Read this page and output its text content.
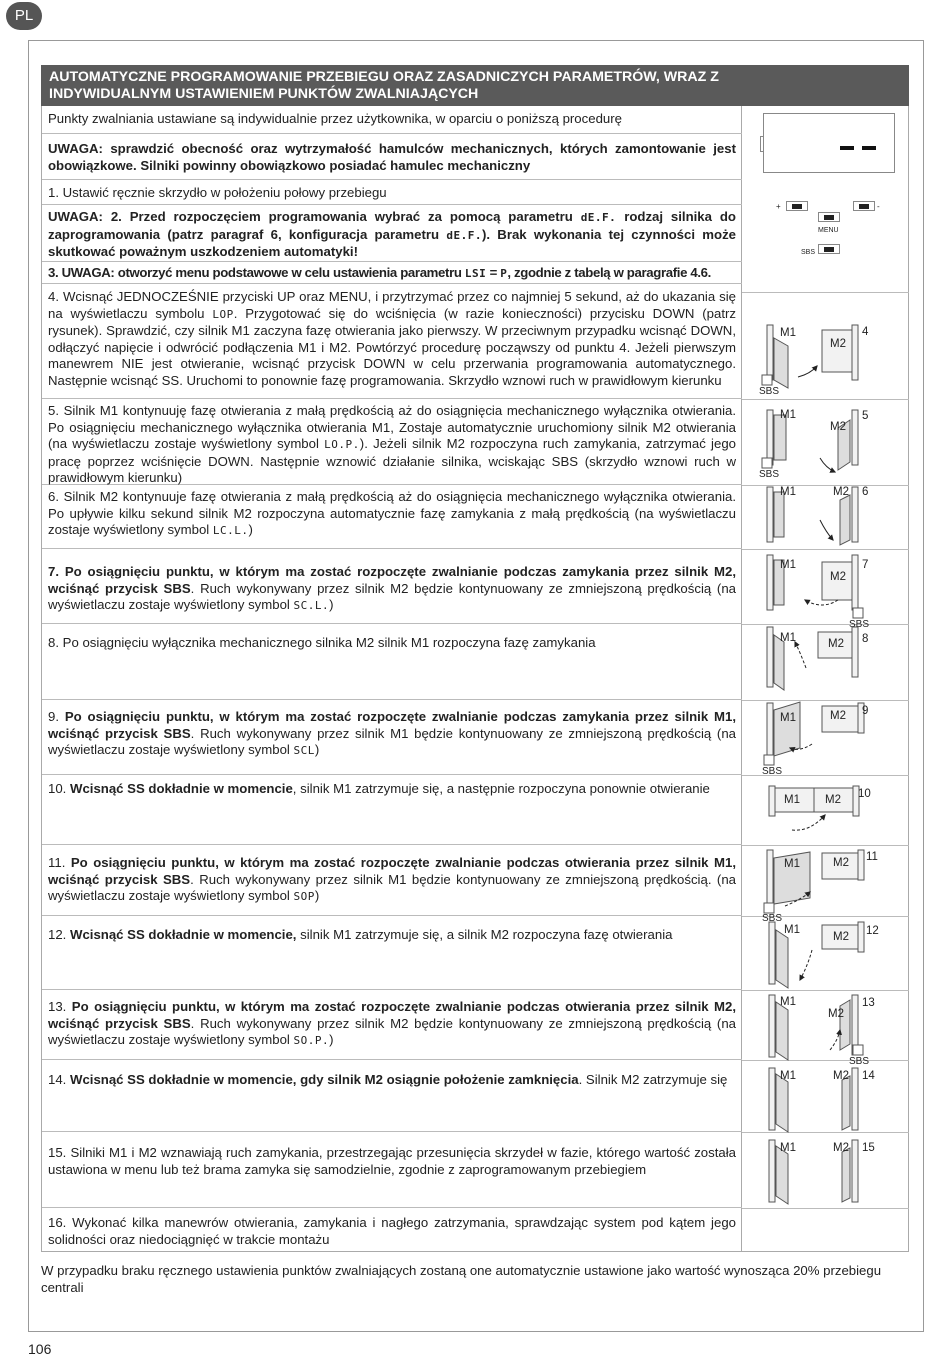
PL
AUTOMATYCZNE PROGRAMOWANIE PRZEBIEGU ORAZ ZASADNICZYCH PARAMETRÓW, WRAZ Z
INDYWIDUALNYM USTAWIENIEM PUNKTÓW ZWALNIAJĄCYCH
Punkty zwalniania ustawiane są indywidualnie przez użytkownika, w oparciu o poniższą procedurę
UWAGA: sprawdzić obecność oraz wytrzymałość hamulców mechanicznych, których zamontowanie jest obowiązkowe. Silniki powinny obowiązkowo posiadać hamulec mechaniczny
1. Ustawić ręcznie skrzydło w położeniu połowy przebiegu
UWAGA: 2. Przed rozpoczęciem programowania wybrać za pomocą parametru dE.F. rodzaj silnika do zaprogramowania (patrz paragraf 6, konfiguracja parametru dE.F.). Brak wykonania tej czynności może skutkować poważnym uszkodzeniem automatyki!
3. UWAGA: otworzyć menu podstawowe w celu ustawienia parametru LSI = P, zgodnie z tabelą w paragrafie 4.6.
4. Wcisnąć JEDNOCZEŚNIE przyciski UP oraz MENU, i przytrzymać przez co najmniej 5 sekund, aż do ukazania się na wyświetlaczu symbolu LOP. Przygotować się do wciśnięcia (w razie konieczności) przycisku DOWN (patrz rysunek). Sprawdzić, czy silnik M1 zaczyna fazę otwierania jako pierwszy. W przeciwnym przypadku wcisnąć DOWN, odłączyć napięcie i odwrócić podłączenia M1 i M2. Powtórzyć procedurę począwszy od punktu 4. Jeżeli pierwszym manewrem NIE jest otwieranie, wcisnąć przycisk DOWN w celu przerwania programowania automatycznego. Następnie wcisnąć SS. Uruchomi to ponownie fazę programowania. Skrzydło wznowi ruch w prawidłowym kierunku
5. Silnik M1 kontynuuję fazę otwierania z małą prędkością aż do osiągnięcia mechanicznego wyłącznika otwierania. Po osiągnięciu mechanicznego wyłącznika otwierania M1, Zostaje automatycznie uruchomiony silnik M2 otwierania (na wyświetlaczu zostaje wyświetlony symbol LO.P.). Jeżeli silnik M2 rozpoczyna ruch zamykania, zatrzymać jego pracę poprzez wciśnięcie DOWN. Następnie wznowić działanie silnika, wciskając SBS (skrzydło wznowi ruch w prawidłowym kierunku)
6. Silnik M2 kontynuuje fazę otwierania z małą prędkością aż do osiągnięcia mechanicznego wyłącznika otwierania. Po upływie kilku sekund silnik M2 rozpoczyna automatycznie fazę zamykania z małą prędkością (na wyświetlaczu zostaje wyświetlony symbol LC.L.)
7. Po osiągnięciu punktu, w którym ma zostać rozpoczęte zwalnianie podczas zamykania przez silnik M2, wciśnąć przycisk SBS. Ruch wykonywany przez silnik M2 będzie kontynuowany ze zmniejszoną prędkością (na wyświetlaczu zostaje wyświetlony symbol SC.L.)
8. Po osiągnięciu wyłącznika mechanicznego silnika M2 silnik M1 rozpoczyna fazę zamykania
9. Po osiągnięciu punktu, w którym ma zostać rozpoczęte zwalnianie podczas zamykania przez silnik M1, wciśnąć przycisk SBS. Ruch wykonywany przez silnik M1 będzie kontynuowany ze zmniejszoną prędkością (na wyświetlaczu zostaje wyświetlony symbol SCL)
10. Wcisnąć SS dokładnie w momencie, silnik M1 zatrzymuje się, a następnie rozpoczyna ponownie otwieranie
11. Po osiągnięciu punktu, w którym ma zostać rozpoczęte zwalnianie podczas otwierania przez silnik M1, wciśnąć przycisk SBS. Ruch wykonywany przez silnik M1 będzie kontynuowany ze zmniejszoną prędkością. (na wyświetlaczu zostaje wyświetlony symbol SOP)
12. Wcisnąć SS dokładnie w momencie, silnik M1 zatrzymuje się, a silnik M2 rozpoczyna fazę otwierania
13. Po osiągnięciu punktu, w którym ma zostać rozpoczęte zwalnianie podczas otwierania przez silnik M2, wciśnąć przycisk SBS. Ruch wykonywany przez silnik M2 będzie kontynuowany ze zmniejszoną prędkością (na wyświetlaczu zostaje wyświetlony symbol SO.P.)
14. Wcisnąć SS dokładnie w momencie, gdy silnik M2 osiągnie położenie zamknięcia. Silnik M2 zatrzymuje się
15. Silniki M1 i M2 wznawiają ruch zamykania, przestrzegając przesunięcia skrzydeł w fazie, którego wartość została ustawiona w menu lub też brama zamyka się samodzielnie, zgodnie z zaprogramowanym przebiegiem
16. Wykonać kilka manewrów otwierania, zamykania i nagłego zatrzymania, sprawdzając system pod kątem jego solidności oraz niedociągnięć w trakcie montażu
W przypadku braku ręcznego ustawienia punktów zwalniających zostaną one automatycznie ustawione jako wartość wynosząca 20% przebiegu centrali
106
+	-
MENU
SBS
M1
M2
4
SBS
M1
M2
5
SBS
M1	M2 6
M1
M2
7
SBS
M1	M2 8
M1	M2 9
SBS
M1 M2 10
M1	M2 11
SBS
M1
M2 12
M1
M2
13
SBS
M1	M2 14
M1	M2 15
